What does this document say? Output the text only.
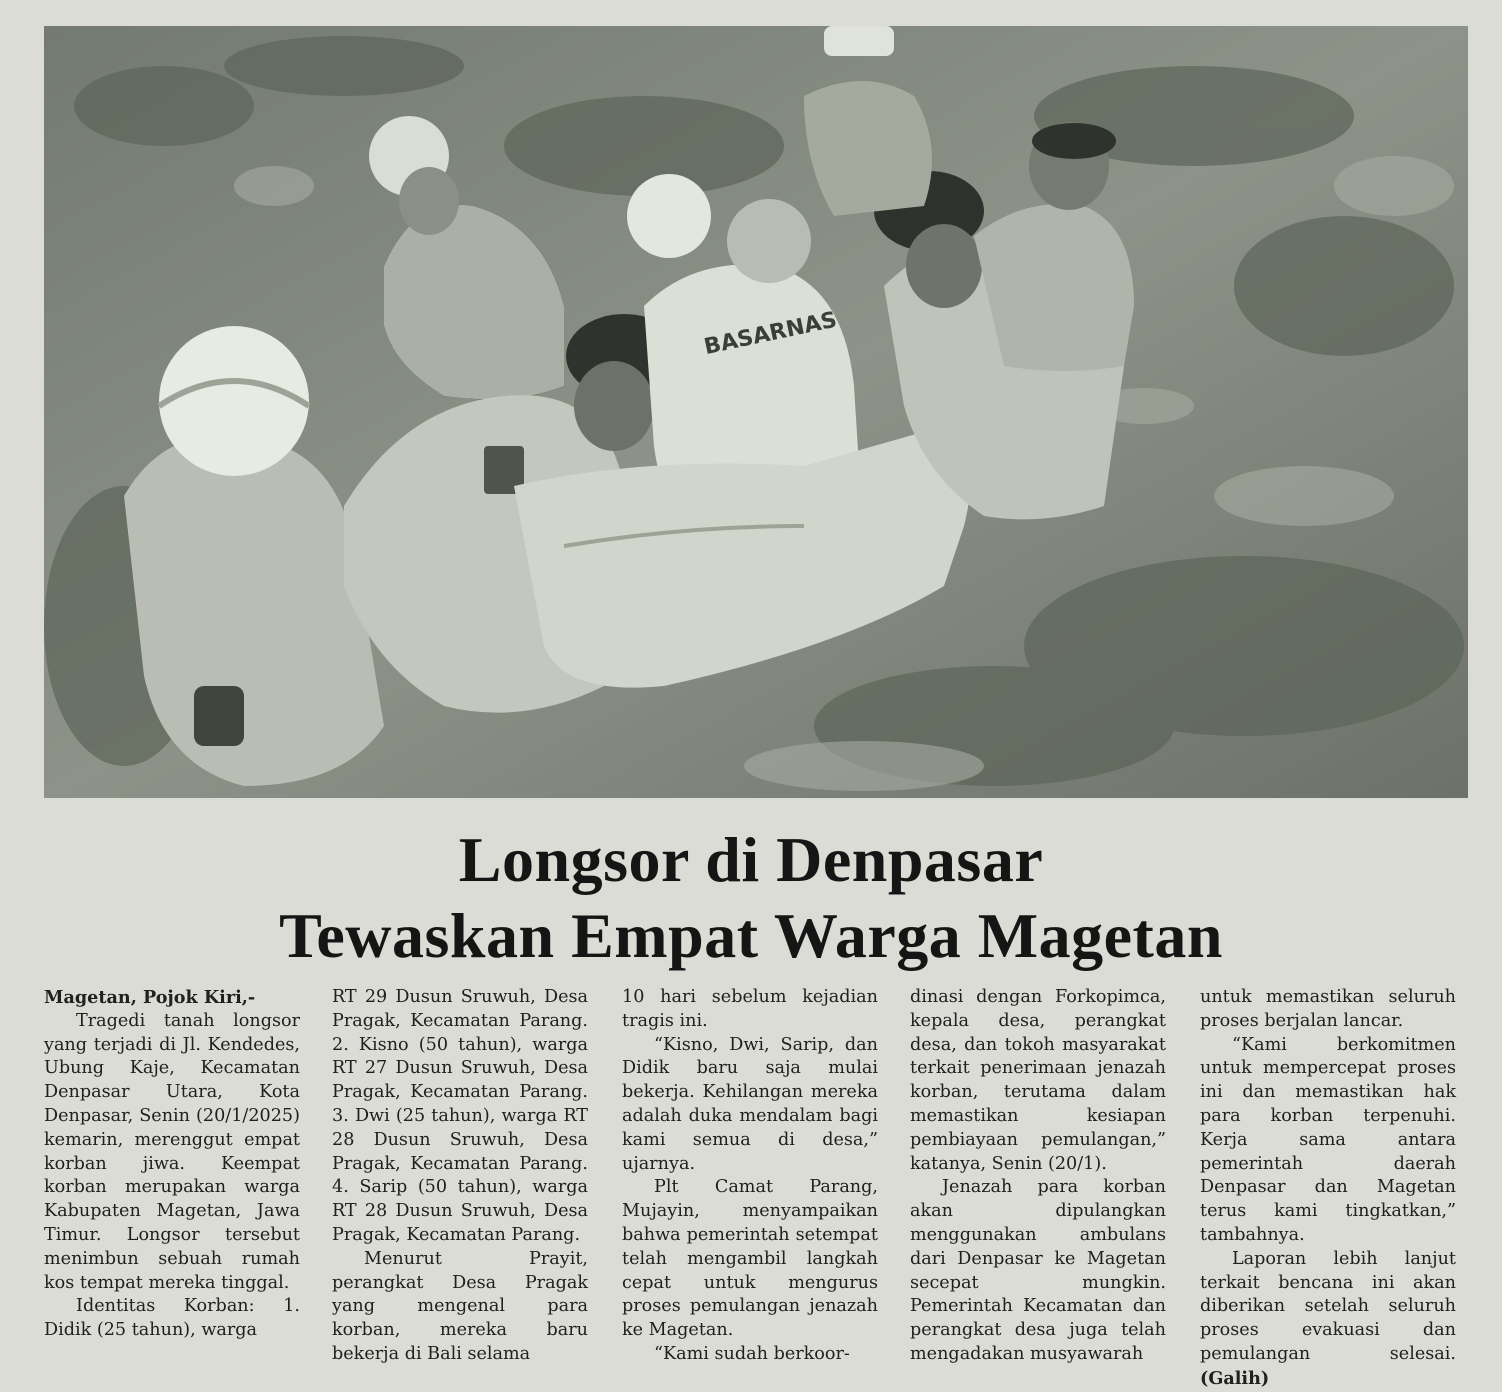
BASARNAS
Longsor di Denpasar
Tewaskan Empat Warga Magetan

Magetan, Pojok Kiri,-

Tragedi tanah longsor yang terjadi di Jl. Kendedes, Ubung Kaje, Kecamatan Denpasar Utara, Kota Denpasar, Senin (20/1/2025) kemarin, merenggut empat korban jiwa. Keempat korban merupakan warga Kabupaten Magetan, Jawa Timur. Longsor tersebut menimbun sebuah rumah kos tempat mereka tinggal.

Identitas Korban: 1. Didik (25 tahun), warga

RT 29 Dusun Sruwuh, Desa Pragak, Kecamatan Parang. 2. Kisno (50 tahun), warga RT 27 Dusun Sruwuh, Desa Pragak, Kecamatan Parang. 3. Dwi (25 tahun), warga RT 28 Dusun Sruwuh, Desa Pragak, Kecamatan Parang. 4. Sarip (50 tahun), warga RT 28 Dusun Sruwuh, Desa Pragak, Kecamatan Parang.

Menurut Prayit, perangkat Desa Pragak yang mengenal para korban, mereka baru bekerja di Bali selama

10 hari sebelum kejadian tragis ini.

“Kisno, Dwi, Sarip, dan Didik baru saja mulai bekerja. Kehilangan mereka adalah duka mendalam bagi kami semua di desa,” ujarnya.

Plt Camat Parang, Mujayin, menyampaikan bahwa pemerintah setempat telah mengambil langkah cepat untuk mengurus proses pemulangan jenazah ke Magetan.

“Kami sudah berkoor-

dinasi dengan Forkopimca, kepala desa, perangkat desa, dan tokoh masyarakat terkait penerimaan jenazah korban, terutama dalam memastikan kesiapan pembiayaan pemulangan,” katanya, Senin (20/1).

Jenazah para korban akan dipulangkan menggunakan ambulans dari Denpasar ke Magetan secepat mungkin. Pemerintah Kecamatan dan perangkat desa juga telah mengadakan musyawarah

untuk memastikan seluruh proses berjalan lancar.

“Kami berkomitmen untuk mempercepat proses ini dan memastikan hak para korban terpenuhi. Kerja sama antara pemerintah daerah Denpasar dan Magetan terus kami tingkatkan,” tambahnya.

Laporan lebih lanjut terkait bencana ini akan diberikan setelah seluruh proses evakuasi dan pemulangan selesai. (Galih)
